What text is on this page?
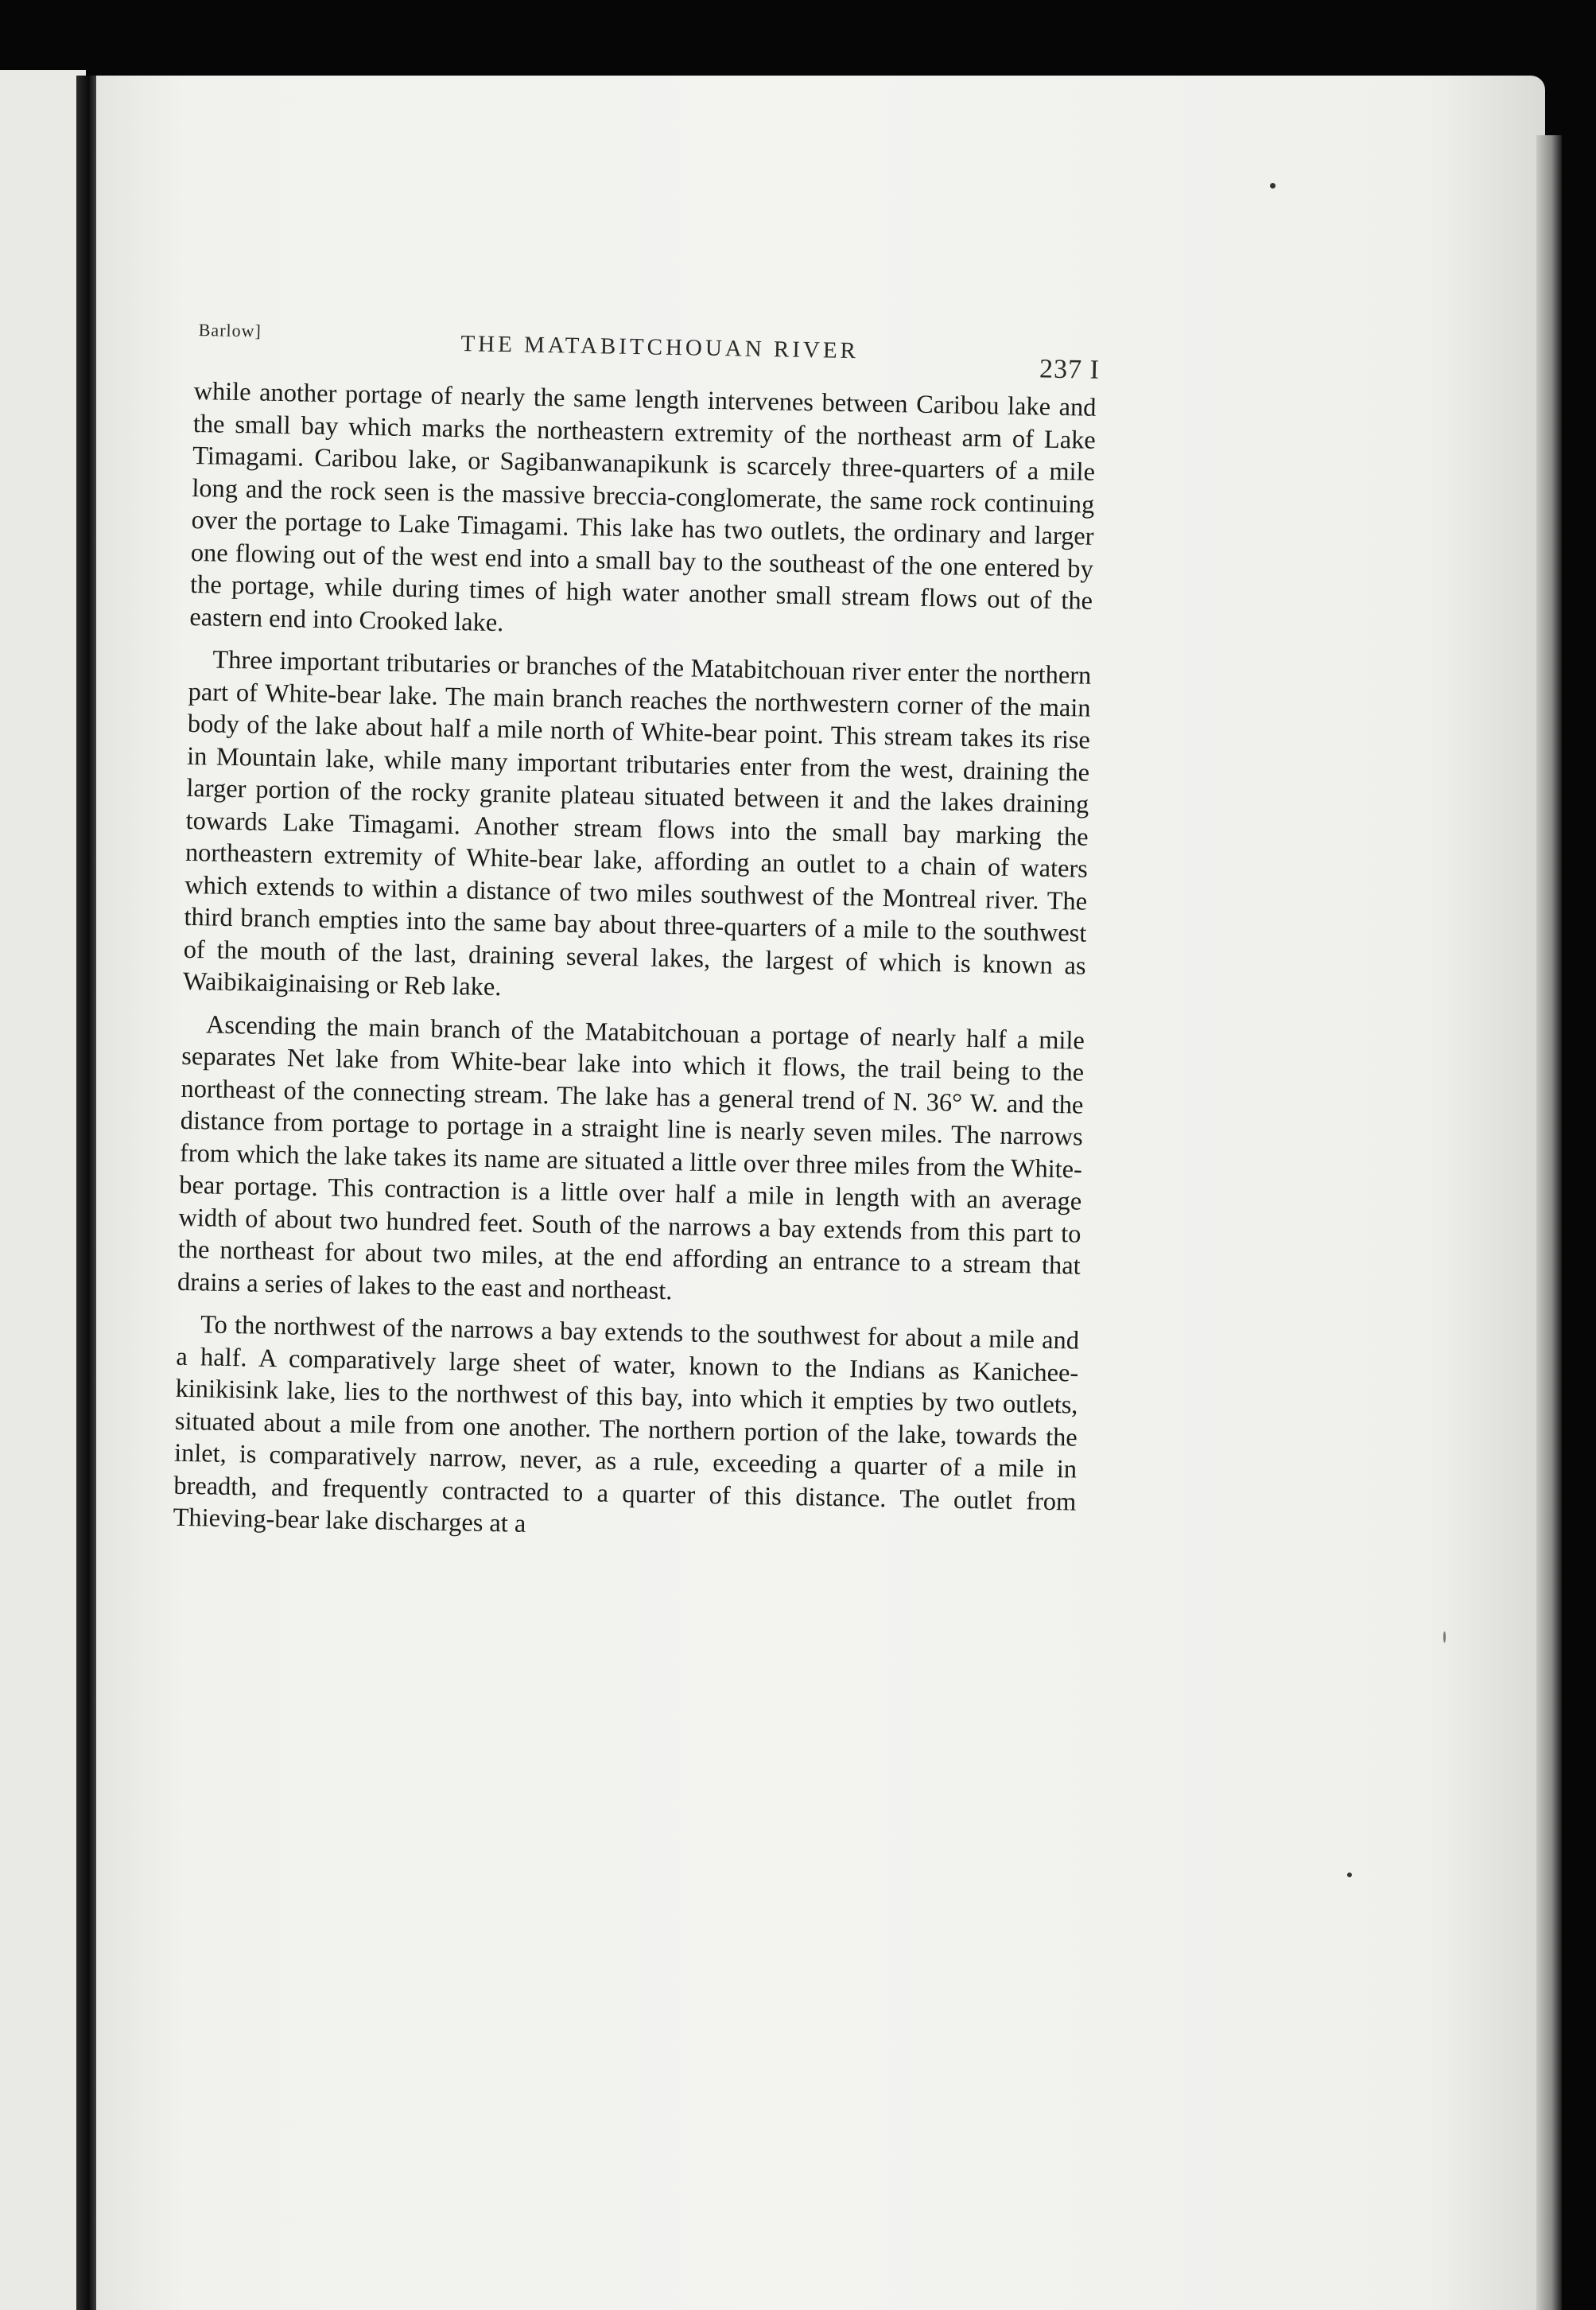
Barlow]
THE MATABITCHOUAN RIVER
237 I

while another portage of nearly the same length intervenes between Caribou lake and the small bay which marks the northeastern extremity of the northeast arm of Lake Timagami. Caribou lake, or Sagibanwanapikunk is scarcely three-quarters of a mile long and the rock seen is the massive breccia-conglomerate, the same rock continuing over the portage to Lake Timagami. This lake has two outlets, the ordinary and larger one flowing out of the west end into a small bay to the southeast of the one entered by the portage, while during times of high water another small stream flows out of the eastern end into Crooked lake.

Three important tributaries or branches of the Matabitchouan river enter the northern part of White-bear lake. The main branch reaches the northwestern corner of the main body of the lake about half a mile north of White-bear point. This stream takes its rise in Mountain lake, while many important tributaries enter from the west, draining the larger portion of the rocky granite plateau situated between it and the lakes draining towards Lake Timagami. Another stream flows into the small bay marking the northeastern extremity of White-bear lake, affording an outlet to a chain of waters which extends to within a distance of two miles southwest of the Montreal river. The third branch empties into the same bay about three-quarters of a mile to the southwest of the mouth of the last, draining several lakes, the largest of which is known as Waibikaiginaising or Reb lake.

Ascending the main branch of the Matabitchouan a portage of nearly half a mile separates Net lake from White-bear lake into which it flows, the trail being to the northeast of the connecting stream. The lake has a general trend of N. 36° W. and the distance from portage to portage in a straight line is nearly seven miles. The narrows from which the lake takes its name are situated a little over three miles from the White-bear portage. This contraction is a little over half a mile in length with an average width of about two hundred feet. South of the narrows a bay extends from this part to the northeast for about two miles, at the end affording an entrance to a stream that drains a series of lakes to the east and northeast.

To the northwest of the narrows a bay extends to the southwest for about a mile and a half. A comparatively large sheet of water, known to the Indians as Kanichee-kinikisink lake, lies to the northwest of this bay, into which it empties by two outlets, situated about a mile from one another. The northern portion of the lake, towards the inlet, is comparatively narrow, never, as a rule, exceeding a quarter of a mile in breadth, and frequently contracted to a quarter of this distance. The outlet from Thieving-bear lake discharges at a
